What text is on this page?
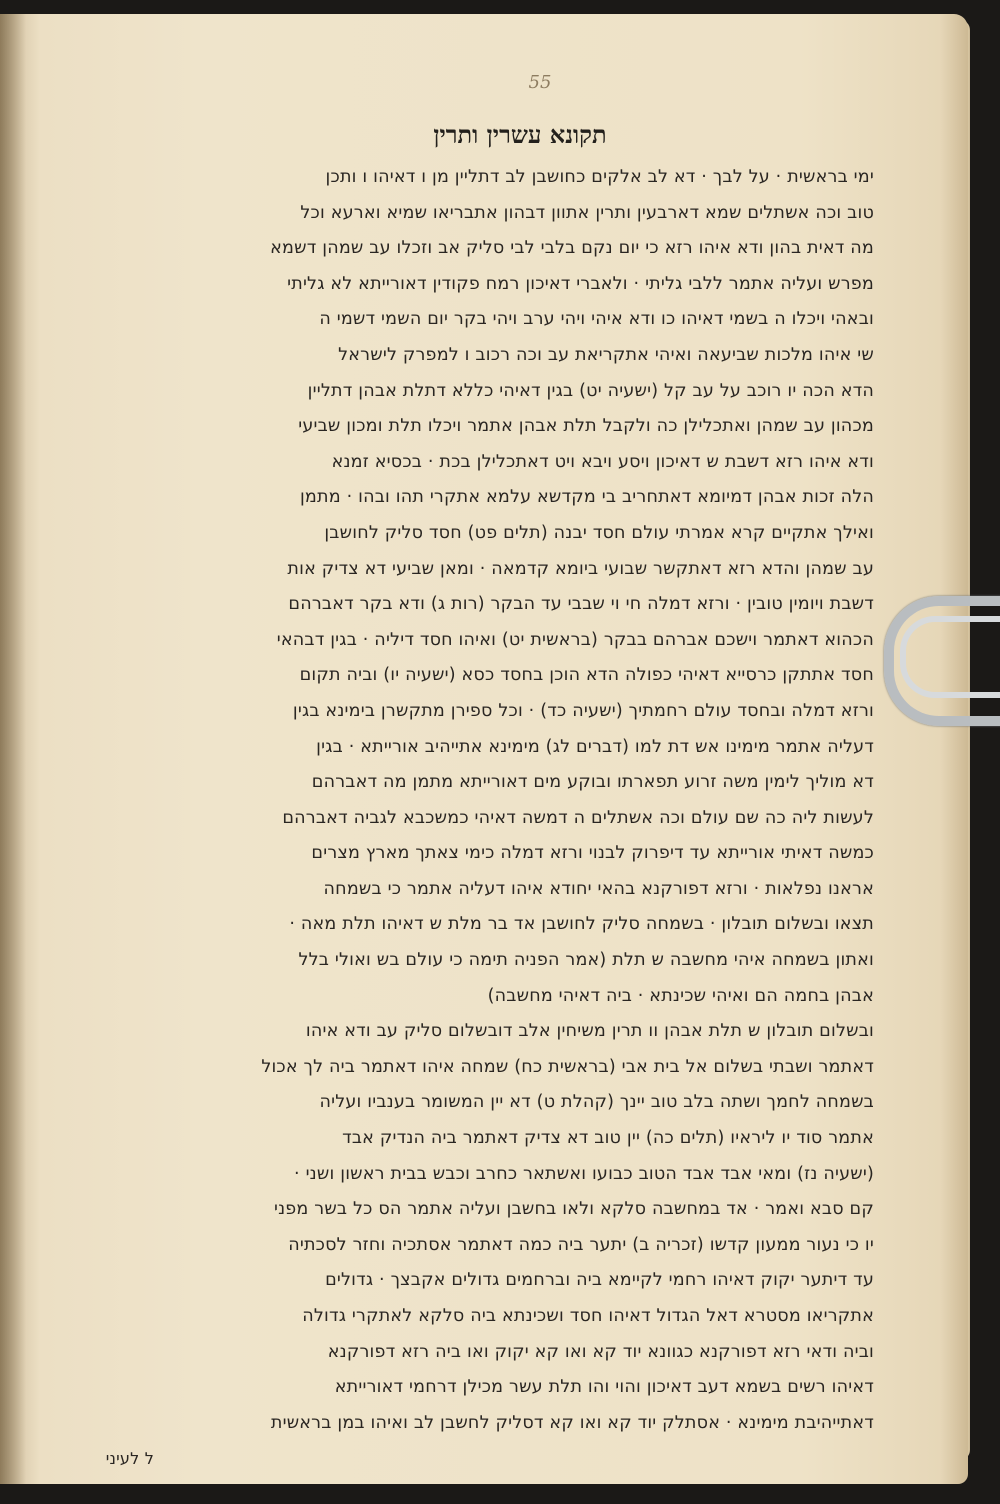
55
תקונא עשרין ותרין
ימי בראשית · על לבך · דא לב אלקים כחושבן לב דתליין מן ו דאיהו ו ותכן
טוב וכה אשתלים שמא דארבעין ותרין אתוון דבהון אתבריאו שמיא וארעא וכל
מה דאית בהון ודא איהו רזא כי יום נקם בלבי לבי סליק אב וזכלו עב שמהן דשמא
מפרש ועליה אתמר ללבי גליתי · ולאברי דאיכון רמח פקודין דאורייתא לא גליתי
ובאהי ויכלו ה בשמי דאיהו כו ודא איהי ויהי ערב ויהי בקר יום השמי דשמי ה
שי איהו מלכות שביעאה ואיהי אתקריאת עב וכה רכוב ו למפרק לישראל
הדא הכה יו רוכב על עב קל (ישעיה יט) בגין דאיהי כללא דתלת אבהן דתליין
מכהון עב שמהן ואתכלילן כה ולקבל תלת אבהן אתמר ויכלו תלת ומכון שביעי
ודא איהו רזא דשבת ש דאיכון ויסע ויבא ויט דאתכלילן בכת · בכסיא זמנא
הלה זכות אבהן דמיומא דאתחריב בי מקדשא עלמא אתקרי תהו ובהו · מתמן
ואילך אתקיים קרא אמרתי עולם חסד יבנה (תלים פט) חסד סליק לחושבן
עב שמהן והדא רזא דאתקשר שבועי ביומא קדמאה · ומאן שביעי דא צדיק אות
דשבת ויומין טובין · ורזא דמלה חי וי שבבי עד הבקר (רות ג) ודא בקר דאברהם
הכהוא דאתמר וישכם אברהם בבקר (בראשית יט) ואיהו חסד דיליה · בגין דבהאי
חסד אתתקן כרסייא דאיהי כפולה הדא הוכן בחסד כסא (ישעיה יו) וביה תקום
ורזא דמלה ובחסד עולם רחמתיך (ישעיה כד) · וכל ספירן מתקשרן בימינא בגין
דעליה אתמר מימינו אש דת למו (דברים לג) מימינא אתייהיב אורייתא · בגין
דא מוליך לימין משה זרוע תפארתו ובוקע מים דאורייתא מתמן מה דאברהם
לעשות ליה כה שם עולם וכה אשתלים ה דמשה דאיהי כמשכבא לגביה דאברהם
כמשה דאיתי אורייתא עד דיפרוק לבנוי ורזא דמלה כימי צאתך מארץ מצרים
אראנו נפלאות · ורזא דפורקנא בהאי יחודא איהו דעליה אתמר כי בשמחה
תצאו ובשלום תובלון · בשמחה סליק לחושבן אד בר מלת ש דאיהו תלת מאה ·
ואתון בשמחה איהי מחשבה ש תלת (אמר הפניה תימה כי עולם בש ואולי בלל
אבהן בחמה הם ואיהי שכינתא · ביה דאיהי מחשבה)
ובשלום תובלון ש תלת אבהן וו תרין משיחין אלב דובשלום סליק עב ודא איהו
דאתמר ושבתי בשלום אל בית אבי (בראשית כח) שמחה איהו דאתמר ביה לך אכול
בשמחה לחמך ושתה בלב טוב יינך (קהלת ט) דא יין המשומר בענביו ועליה
אתמר סוד יו ליראיו (תלים כה) יין טוב דא צדיק דאתמר ביה הנדיק אבד
(ישעיה נז) ומאי אבד אבד הטוב כבועו ואשתאר כחרב וכבש בבית ראשון ושני ·
קם סבא ואמר · אד במחשבה סלקא ולאו בחשבן ועליה אתמר הס כל בשר מפני
יו כי נעור ממעון קדשו (זכריה ב) יתער ביה כמה דאתמר אסתכיה וחזר לסכתיה
עד דיתער יקוק דאיהו רחמי לקיימא ביה וברחמים גדולים אקבצך · גדולים
אתקריאו מסטרא דאל הגדול דאיהו חסד ושכינתא ביה סלקא לאתקרי גדולה
וביה ודאי רזא דפורקנא כגוונא יוד קא ואו קא יקוק ואו ביה רזא דפורקנא
דאיהו רשים בשמא דעב דאיכון והוי והו תלת עשר מכילן דרחמי דאורייתא
דאתייהיבת מימינא · אסתלק יוד קא ואו קא דסליק לחשבן לב ואיהו במן בראשית
ל לעיני
